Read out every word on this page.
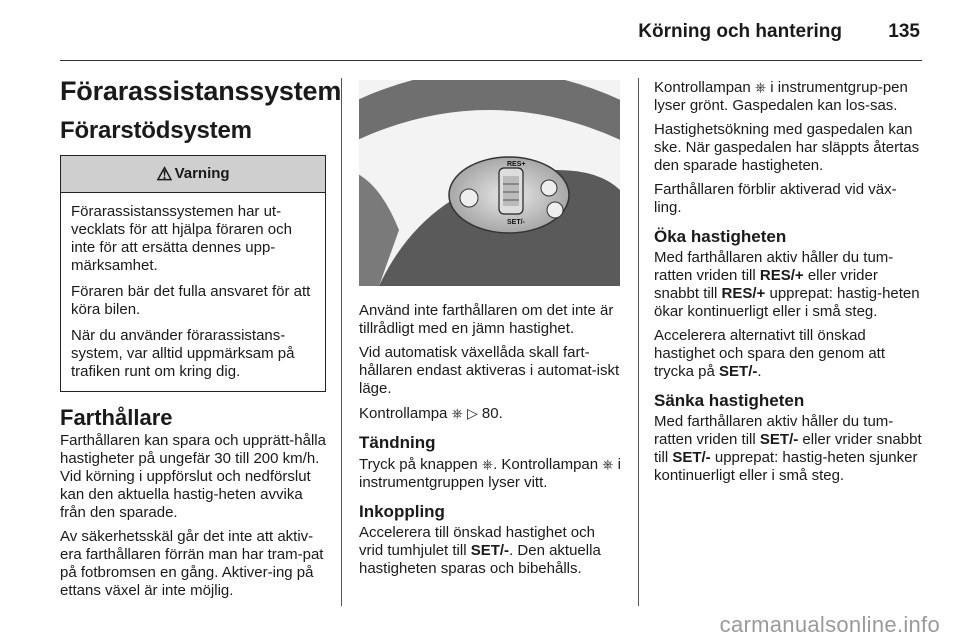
Körning och hantering 135
Förarassistanssystem
Förarstödsystem
⚠ Varning

Förarassistanssystemen har ut-vecklats för att hjälpa föraren och inte för att ersätta dennes upp-märksamhet.

Föraren bär det fulla ansvaret för att köra bilen.

När du använder förarassistans-system, var alltid uppmärksam på trafiken runt om kring dig.

Farthållare

Farthållaren kan spara och upprätt-hålla hastigheter på ungefär 30 till 200 km/h. Vid körning i uppförslut och nedförslut kan den aktuella hastig-heten avvika från den sparade.

Av säkerhetsskäl går det inte att aktiv-era farthållaren förrän man har tram-pat på fotbromsen en gång. Aktiver-ing på ettans växel är inte möjlig.

RES+
SET/-

Använd inte farthållaren om det inte är tillrådligt med en jämn hastighet.

Vid automatisk växellåda skall fart-hållaren endast aktiveras i automat-iskt läge.

Kontrollampa ⎈ ▷ 80.

Tändning

Tryck på knappen ⎈. Kontrollampan ⎈ i instrumentgruppen lyser vitt.

Inkoppling

Accelerera till önskad hastighet och vrid tumhjulet till SET/-. Den aktuella hastigheten sparas och bibehålls.

Kontrollampan ⎈ i instrumentgrup-pen lyser grönt. Gaspedalen kan los-sas.

Hastighetsökning med gaspedalen kan ske. När gaspedalen har släppts återtas den sparade hastigheten.

Farthållaren förblir aktiverad vid väx-ling.

Öka hastigheten

Med farthållaren aktiv håller du tum-ratten vriden till RES/+ eller vrider snabbt till RES/+ upprepat: hastig-heten ökar kontinuerligt eller i små steg.

Accelerera alternativt till önskad hastighet och spara den genom att trycka på SET/-.

Sänka hastigheten

Med farthållaren aktiv håller du tum-ratten vriden till SET/- eller vrider snabbt till SET/- upprepat: hastig-heten sjunker kontinuerligt eller i små steg.

carmanualsonline.info
